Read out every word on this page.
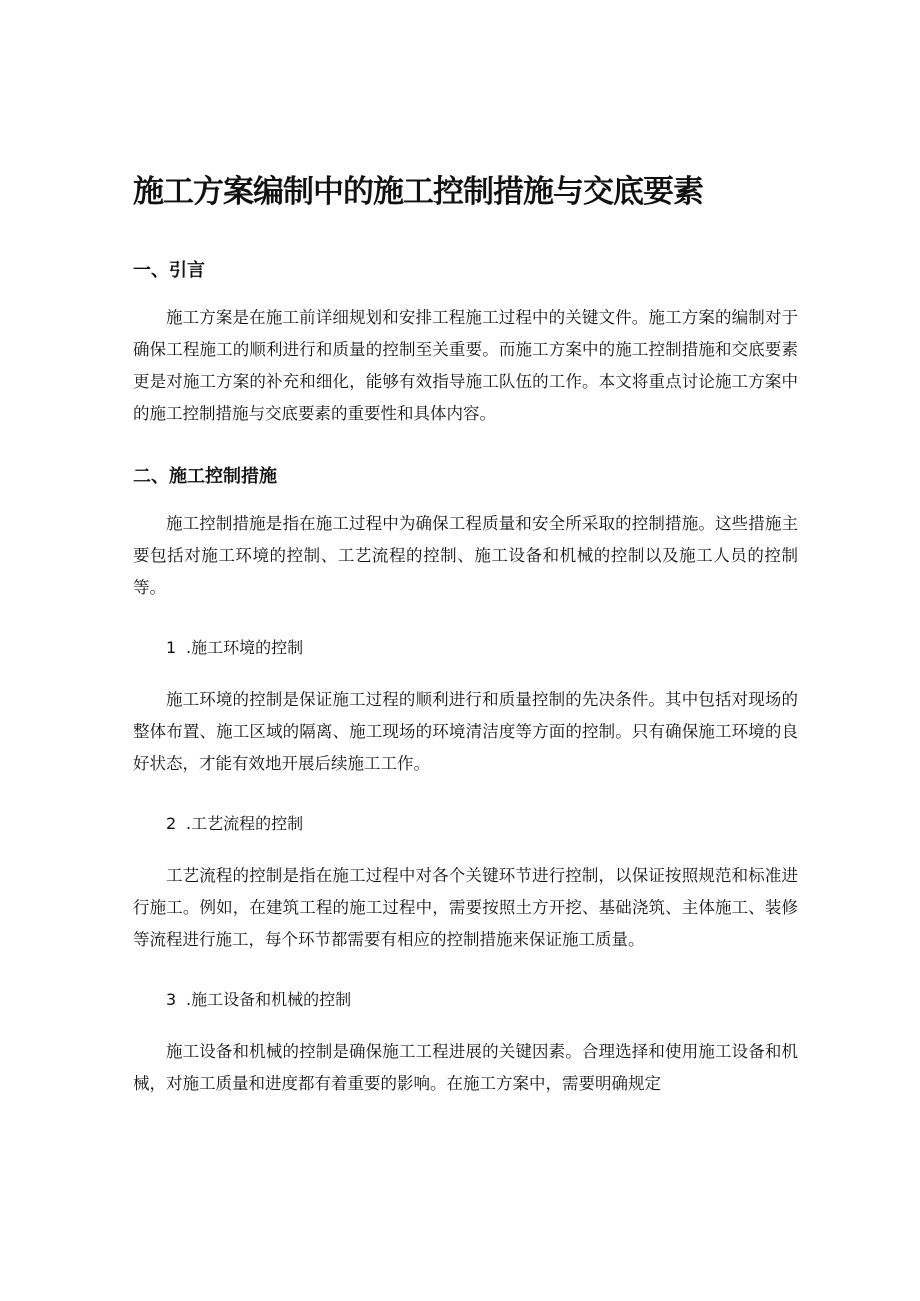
施工方案编制中的施工控制措施与交底要素
一、引言

施工方案是在施工前详细规划和安排工程施工过程中的关键文件。施工方案的编制对于确保工程施工的顺利进行和质量的控制至关重要。而施工方案中的施工控制措施和交底要素更是对施工方案的补充和细化，能够有效指导施工队伍的工作。本文将重点讨论施工方案中的施工控制措施与交底要素的重要性和具体内容。

二、施工控制措施

施工控制措施是指在施工过程中为确保工程质量和安全所采取的控制措施。这些措施主要包括对施工环境的控制、工艺流程的控制、施工设备和机械的控制以及施工人员的控制等。

1 .施工环境的控制

施工环境的控制是保证施工过程的顺利进行和质量控制的先决条件。其中包括对现场的整体布置、施工区域的隔离、施工现场的环境清洁度等方面的控制。只有确保施工环境的良好状态，才能有效地开展后续施工工作。

2 .工艺流程的控制

工艺流程的控制是指在施工过程中对各个关键环节进行控制，以保证按照规范和标准进行施工。例如，在建筑工程的施工过程中，需要按照土方开挖、基础浇筑、主体施工、装修等流程进行施工，每个环节都需要有相应的控制措施来保证施工质量。

3 .施工设备和机械的控制

施工设备和机械的控制是确保施工工程进展的关键因素。合理选择和使用施工设备和机械，对施工质量和进度都有着重要的影响。在施工方案中，需要明确规定
